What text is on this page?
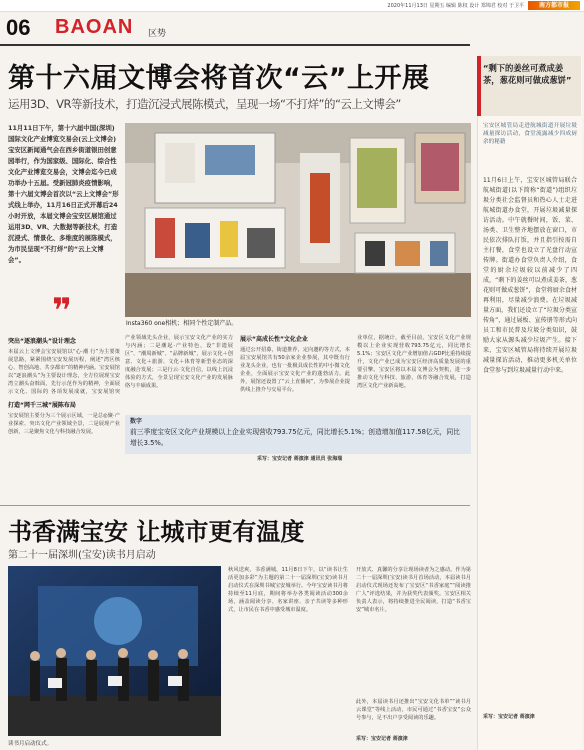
2020年11月13日 星期五 编辑 陈权 设计 郑锦君 校对 于卫平	南方都市报
06 BAOAN 区势
第十六届文博会将首次“云”上开展
运用3D、VR等新技术，打造沉浸式展陈模式，呈现一场“不打烊”的“云上文博会”
11月11日下午，第十六届中国(深圳)国际文化产业博览交易会(云上文博会)宝安区新闻通气会在西乡街道银田创意园举行，作为国家级、国际化、综合性文化产业博览交易会，文博会迄今已成功举办十五届。受新冠肺炎疫情影响，第十六届文博会首次以“云上文博会”形式线上举办，11月16日正式开幕后24小时开放，本届文博会宝安区展馆通过运用3D、VR、大数据等新技术，打造沉浸式、情景化、多维度的展陈模式，为市民呈现“不打烊”的“云上文博会”。
Insta360 one相机；相同个性定制产品。
❞
突出“逐浪潮头”设计理念
本届云上文博会宝安展馆以“心·潮 行”为主要策展思路，紧紧围绕宝安发展历程，阐述“湾区核心、智创高地、共享都市”的精神内涵。宝安展馆以“逐浪潮头”为主要设计理念，全方位展现宝安湾立潮头奋斡面，先行示范作为的精神，全面展示文化、国际的 各项发展成就，宝安展馆突
打造“网千三城”展陈布局
宝安展馆主要分为三个展示区域，一是总◎聚·产业探索、突出文化产业领域全景，二是展现产业创新，三是聚焦文化与科技融合发展。
产业领域先头企业，展示宝安文化产业的实力与内涵；二是潮起·产业特色，设“非遗展区”、“潮周新城”、“品牌新城”，展示文化＋创意、文化＋旅游、文化＋体育等新型业态的深度融合发展；三是行云·文化自信，以线上沉浸体验的方式，全景呈现宝安文化产业的发展脉络与丰硕成果。
展示“高成长性”文化企业
通过公开招募，街道推荐，定向邀约等方式，本届宝安展馆共有50余家企业参展，其中既有行业龙头企业，也有一批极具成长性的中小微文化企业，全面展示宝安文化产业的蓬勃活力。此外，展馆还设置了“云上直播间”，为参展企业提供线上推介与交易平台。
业单位，据统计，截至目前，宝安区文化产业规模以上企业实现营收793.75亿元，同比增长5.1%；宝安区文化产业增加值占GDP比重持续提升，文化产业已成为宝安区经济高质量发展的重要引擎。宝安区将以本届文博会为契机，进一步推动文化与科技、旅游、体育等融合发展，打造湾区文化产业新高地。
数字
前三季度宝安区文化产业规模以上企业实现营收793.75亿元，同比增长5.1%；创造增加值117.58亿元，同比增长3.5%。
采写：宝安记者 蒋演津 通讯员 张海瑞
书香满宝安 让城市更有温度
第二十一届深圳(宝安)读书月启动
读书月启动仪式。
秋风送爽，书香满城，11月8日下午，以“读书让生活更加多彩”为主题的第二十一届深圳(宝安)读书月启动仪式在深圳书城宝安城举行。今年宝安读书月将持续至11月底，期间将举办各类阅读活动300余场，涵盖阅读分享、名家讲座、亲子共读等多种形式，让市民在书香中感受城市温度。
开放式、真馨的分享让现场读者为之感动。作为第二十一届深圳(宝安)读书月首场活动，本届读书月启动仪式现场还发布了宝安区“书香家庭”“阅读推广人”评选结果，并为获奖代表颁奖。宝安区相关负责人表示，将持续推进全民阅读，打造“书香宝安”城市名片。
此外，本届读书月还推出“宝安文化书单”“读书月云课堂”等线上活动，市民可通过“书香宝安”公众号参与，足不出户享受阅读的乐趣。
采写：宝安记者 蒋演津
“剩下的姜丝可煮成姜茶，葱花则可做成葱饼”
宝安区城管局走进航城街道开展垃圾减量探访活动，食堂流露减少四成厨余的秘籍
11月6日上午，宝安区城管局联合航城街道(以下简称“街道”)组织垃圾分类社会监督员和热心人士走进航城街道办食堂，开展垃圾减量探访活动。中午就餐时间，饭、菜、汤类、卫生整齐地摆放在窗口，市民依次排队打饭，并且指引按需自主打餐，食堂也设立了光盘行动宣传牌。街道办食堂负责人介绍，食堂的厨余垃圾较以前减少了四成，“剩下的姜丝可以煮成姜茶，葱花则可做成葱饼”，食堂将厨余食材再利用，尽量减少浪费。在垃圾减量方面，我们还设立了“垃圾分类宣传角”，通过展板、宣传册等形式向员工和市民普及垃圾分类知识，鼓励大家从源头减少垃圾产生。接下来，宝安区城管局将持续开展垃圾减量探访活动，推动更多机关单位食堂参与到垃圾减量行动中来。
采写：宝安记者 蒋演津
